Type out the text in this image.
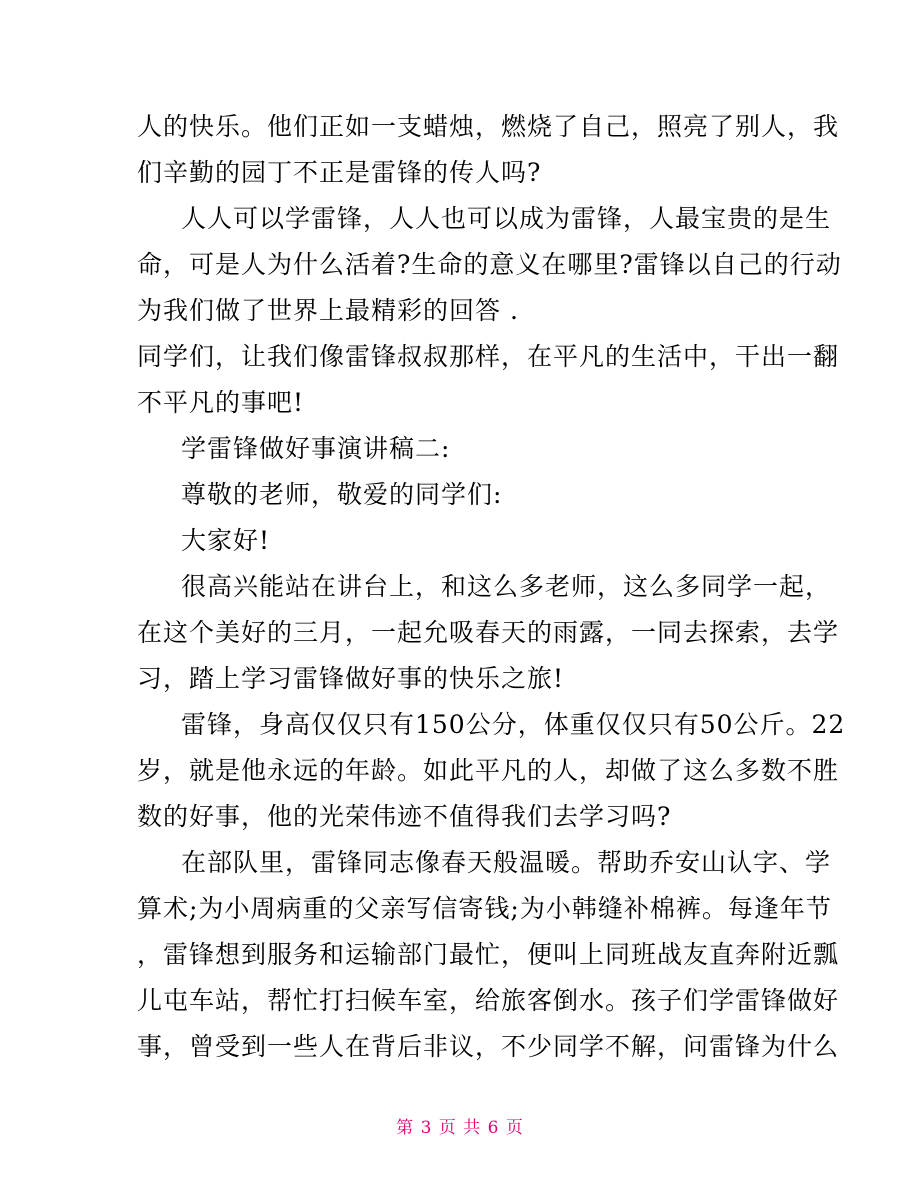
人的快乐。他们正如一支蜡烛，燃烧了自己，照亮了别人，我
们辛勤的园丁不正是雷锋的传人吗?

人人可以学雷锋，人人也可以成为雷锋，人最宝贵的是生
命，可是人为什么活着?生命的意义在哪里?雷锋以自己的行动
为我们做了世界上最精彩的回答 .

同学们，让我们像雷锋叔叔那样，在平凡的生活中，干出一翻
不平凡的事吧!

学雷锋做好事演讲稿二:

尊敬的老师，敬爱的同学们:

大家好!

很高兴能站在讲台上，和这么多老师，这么多同学一起，
在这个美好的三月，一起允吸春天的雨露，一同去探索，去学
习，踏上学习雷锋做好事的快乐之旅!

雷锋，身高仅仅只有150公分，体重仅仅只有50公斤。22
岁，就是他永远的年龄。如此平凡的人，却做了这么多数不胜
数的好事，他的光荣伟迹不值得我们去学习吗?

在部队里，雷锋同志像春天般温暖。帮助乔安山认字、学
算术;为小周病重的父亲写信寄钱;为小韩缝补棉裤。每逢年节
，雷锋想到服务和运输部门最忙，便叫上同班战友直奔附近瓢
儿屯车站，帮忙打扫候车室，给旅客倒水。孩子们学雷锋做好
事，曾受到一些人在背后非议，不少同学不解，问雷锋为什么

第 3 页 共 6 页
